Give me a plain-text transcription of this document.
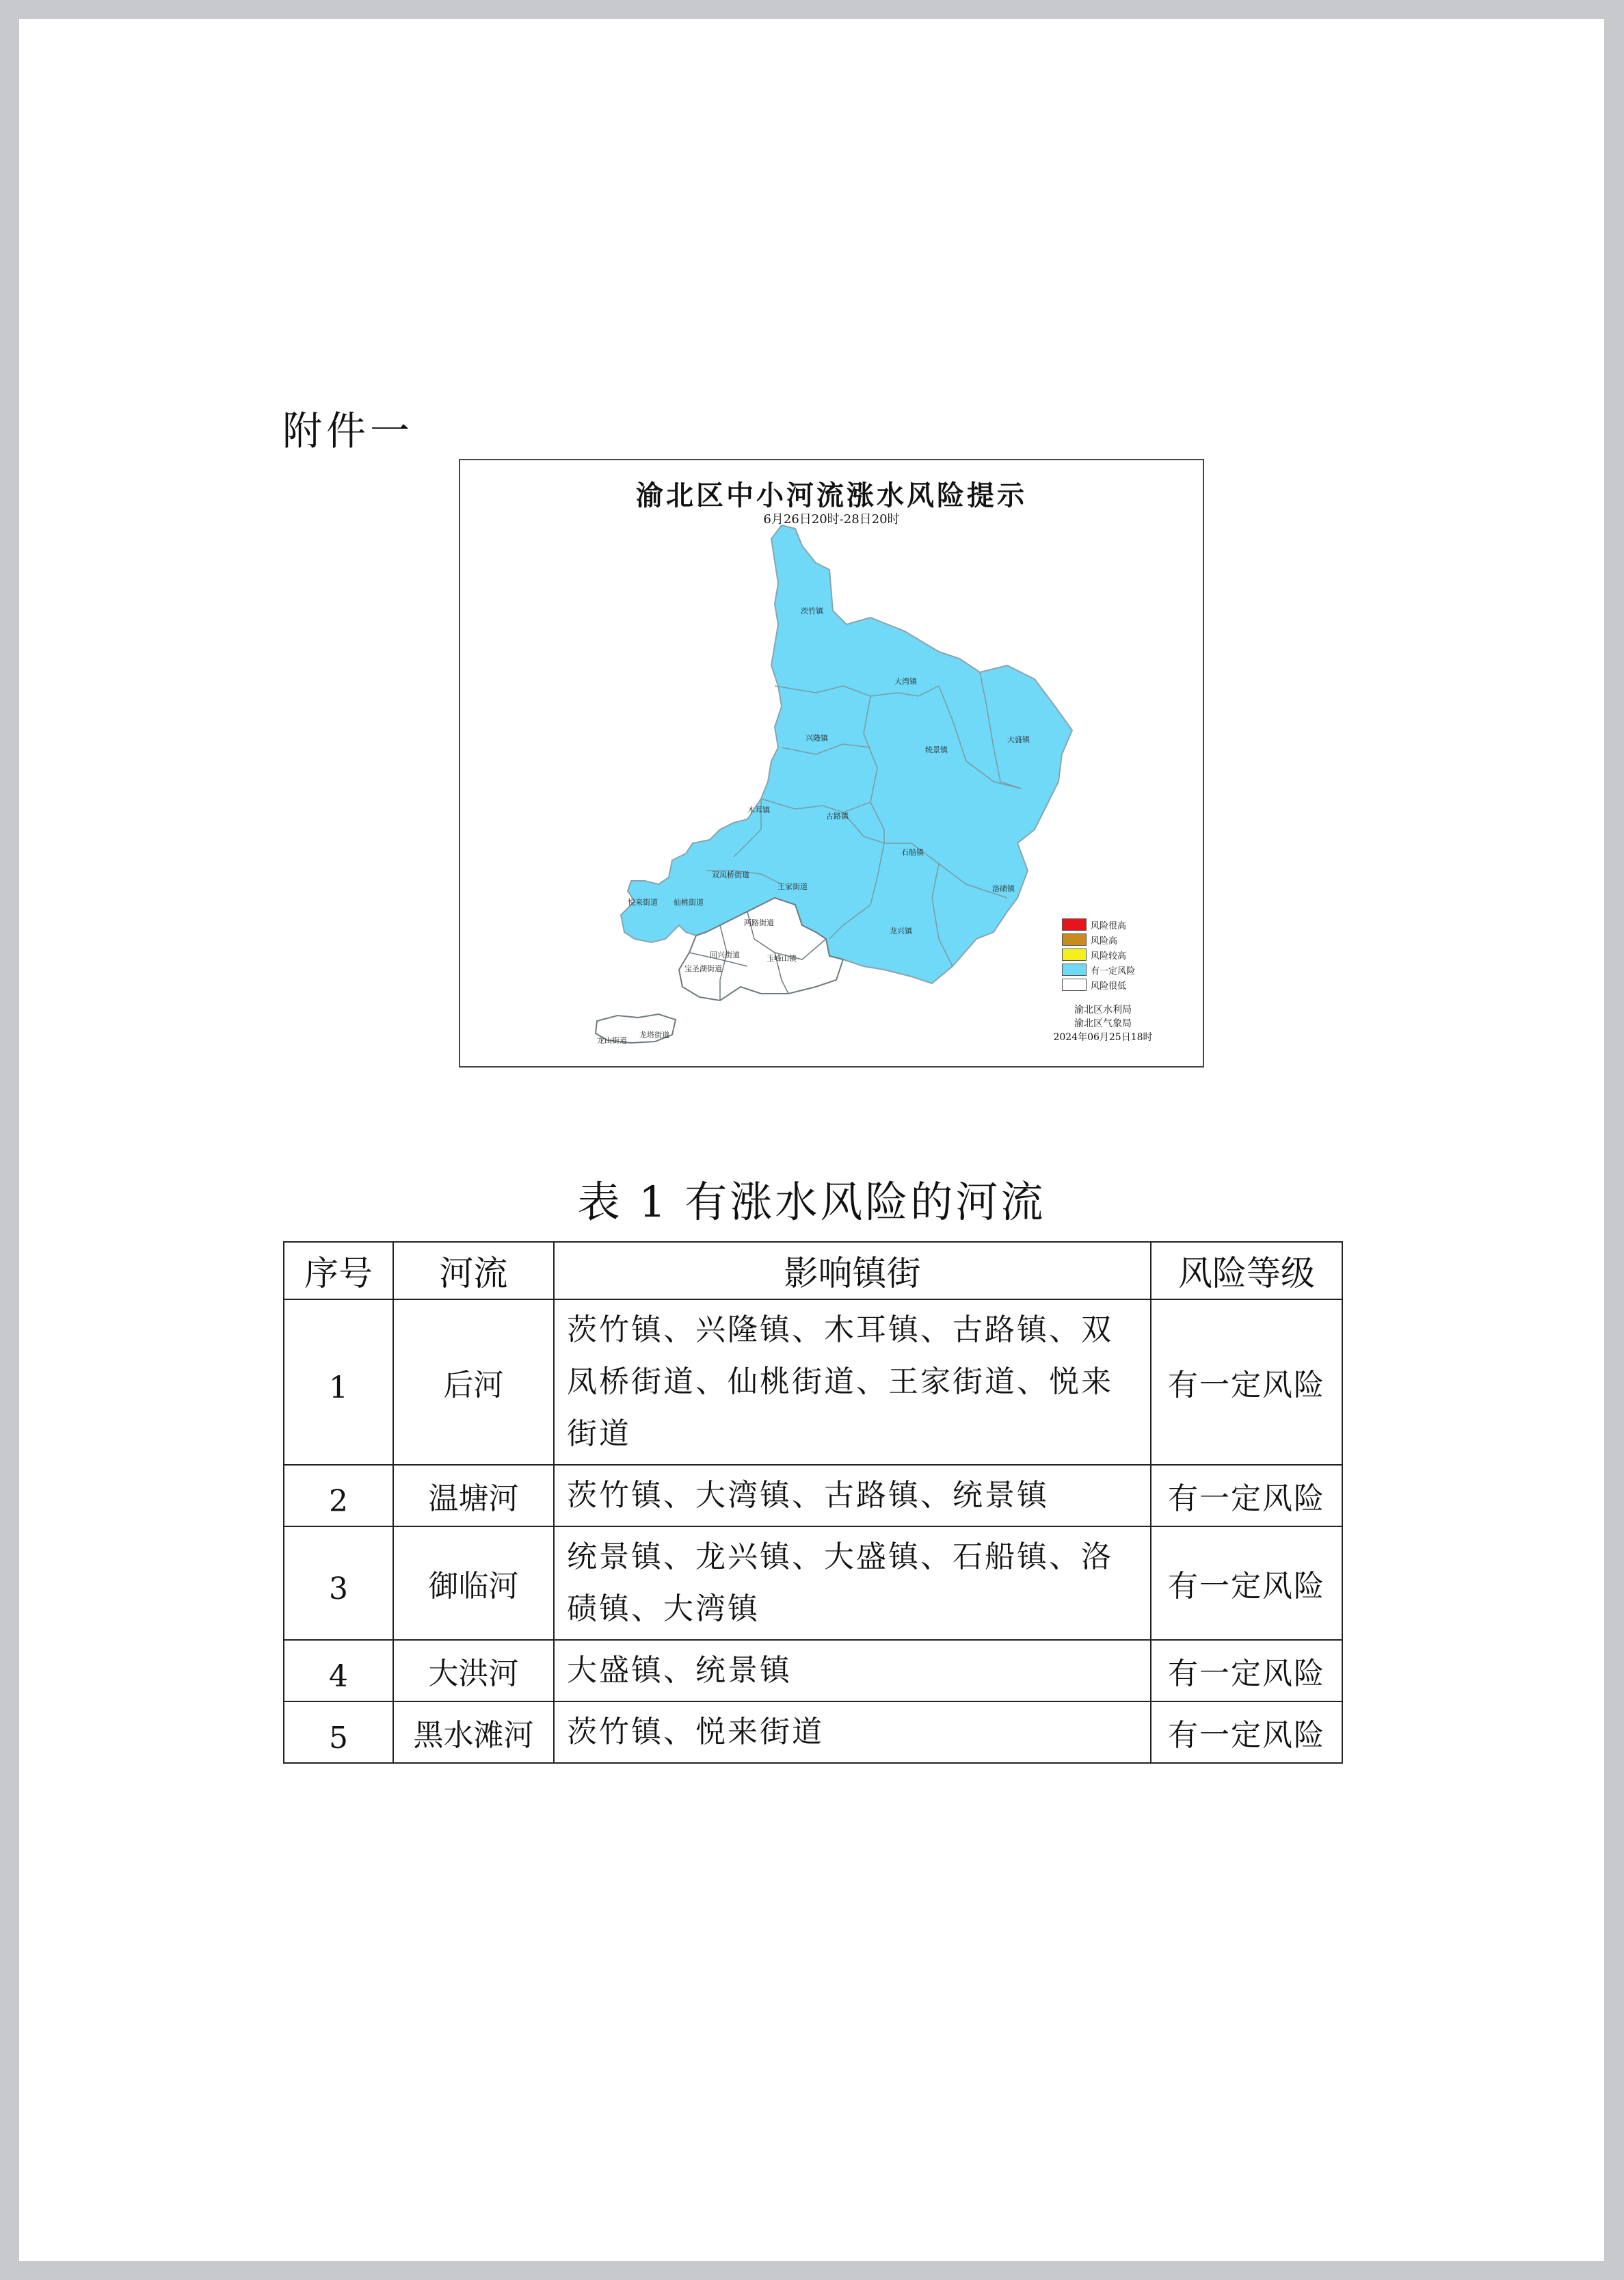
附件一
渝北区中小河流涨水风险提示
6月26日20时-28日20时
茨竹镇
大湾镇
兴隆镇
统景镇
大盛镇
木耳镇
古路镇
石船镇
洛碛镇
双凤桥街道
王家街道
悦来街道 仙桃街道
两路街道
宝圣湖街道
回兴街道	玉峰山镇
龙兴镇
龙山街道
龙塔街道
风险很高
风险高
风险较高
有一定风险
风险很低
渝北区水利局
渝北区气象局
2024年06月25日18时
表 1 有涨水风险的河流
序号	河流	影响镇街	风险等级
1	后河	茨竹镇、兴隆镇、木耳镇、古路镇、双凤桥街道、仙桃街道、王家街道、悦来街道	有一定风险
2	温塘河	茨竹镇、大湾镇、古路镇、统景镇	有一定风险
3	御临河	统景镇、龙兴镇、大盛镇、石船镇、洛碛镇、大湾镇	有一定风险
4	大洪河	大盛镇、统景镇	有一定风险
5	黑水滩河	茨竹镇、悦来街道	有一定风险
